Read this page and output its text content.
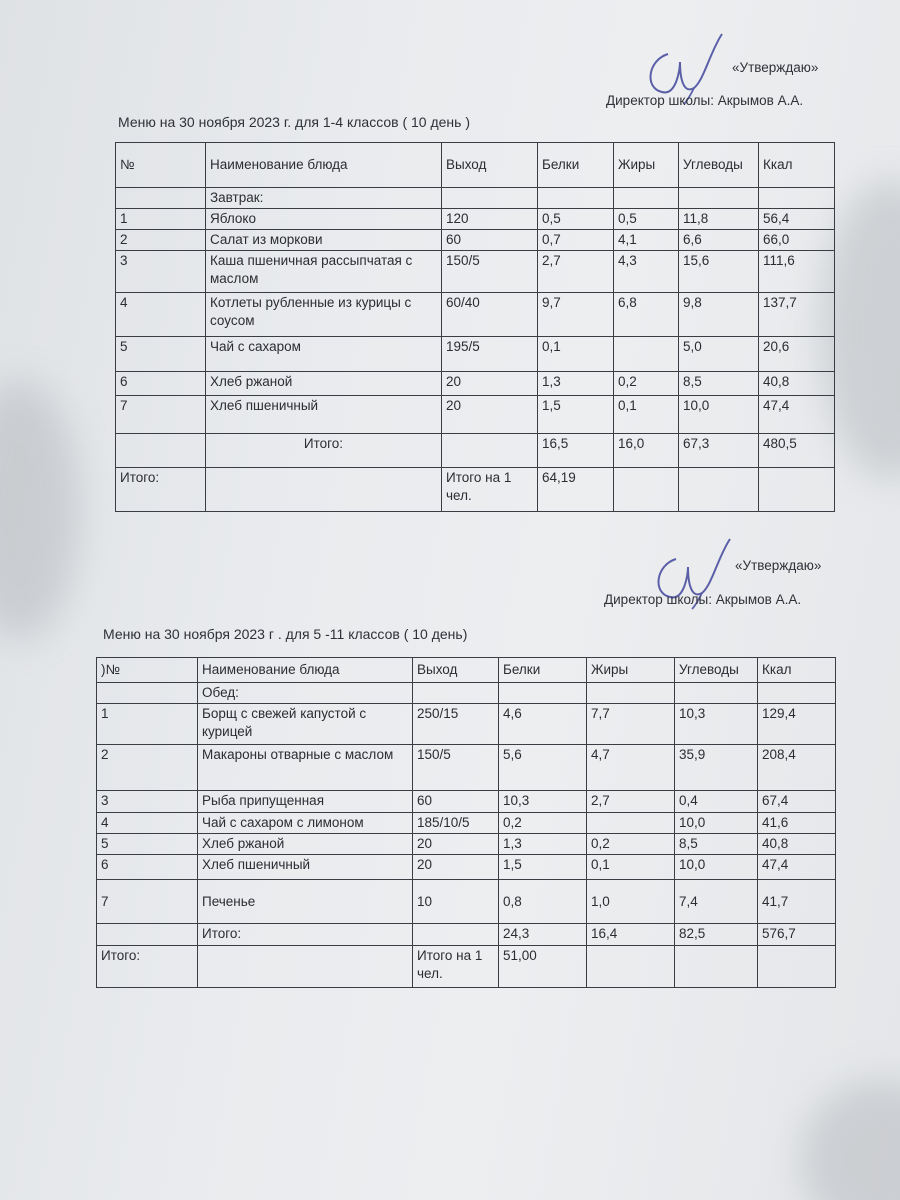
«Утверждаю»
Директор школы: Акрымов А.А.
Меню на 30 ноября 2023 г. для 1-4 классов ( 10 день )
№	Наименование блюда	Выход	Белки	Жиры	Углеводы	Ккал
	Завтрак:					
1	Яблоко	120	0,5	0,5	11,8	56,4
2	Салат из моркови	60	0,7	4,1	6,6	66,0
3	Каша пшеничная рассыпчатая с маслом	150/5	2,7	4,3	15,6	111,6
4	Котлеты рубленные из курицы с соусом	60/40	9,7	6,8	9,8	137,7
5	Чай с сахаром	195/5	0,1		5,0	20,6
6	Хлеб ржаной	20	1,3	0,2	8,5	40,8
7	Хлеб пшеничный	20	1,5	0,1	10,0	47,4
	Итого:		16,5	16,0	67,3	480,5
Итого:		Итого на 1 чел.	64,19			
«Утверждаю»
Директор школы: Акрымов А.А.
Меню на 30 ноября 2023 г . для 5 -11 классов ( 10 день)
)№	Наименование блюда	Выход	Белки	Жиры	Углеводы	Ккал
	Обед:					
1	Борщ с свежей капустой с курицей	250/15	4,6	7,7	10,3	129,4
2	Макароны отварные с маслом	150/5	5,6	4,7	35,9	208,4
3	Рыба припущенная	60	10,3	2,7	0,4	67,4
4	Чай с сахаром с лимоном	185/10/5	0,2		10,0	41,6
5	Хлеб ржаной	20	1,3	0,2	8,5	40,8
6	Хлеб пшеничный	20	1,5	0,1	10,0	47,4
7	Печенье	10	0,8	1,0	7,4	41,7
	Итого:		24,3	16,4	82,5	576,7
Итого:		Итого на 1 чел.	51,00			
